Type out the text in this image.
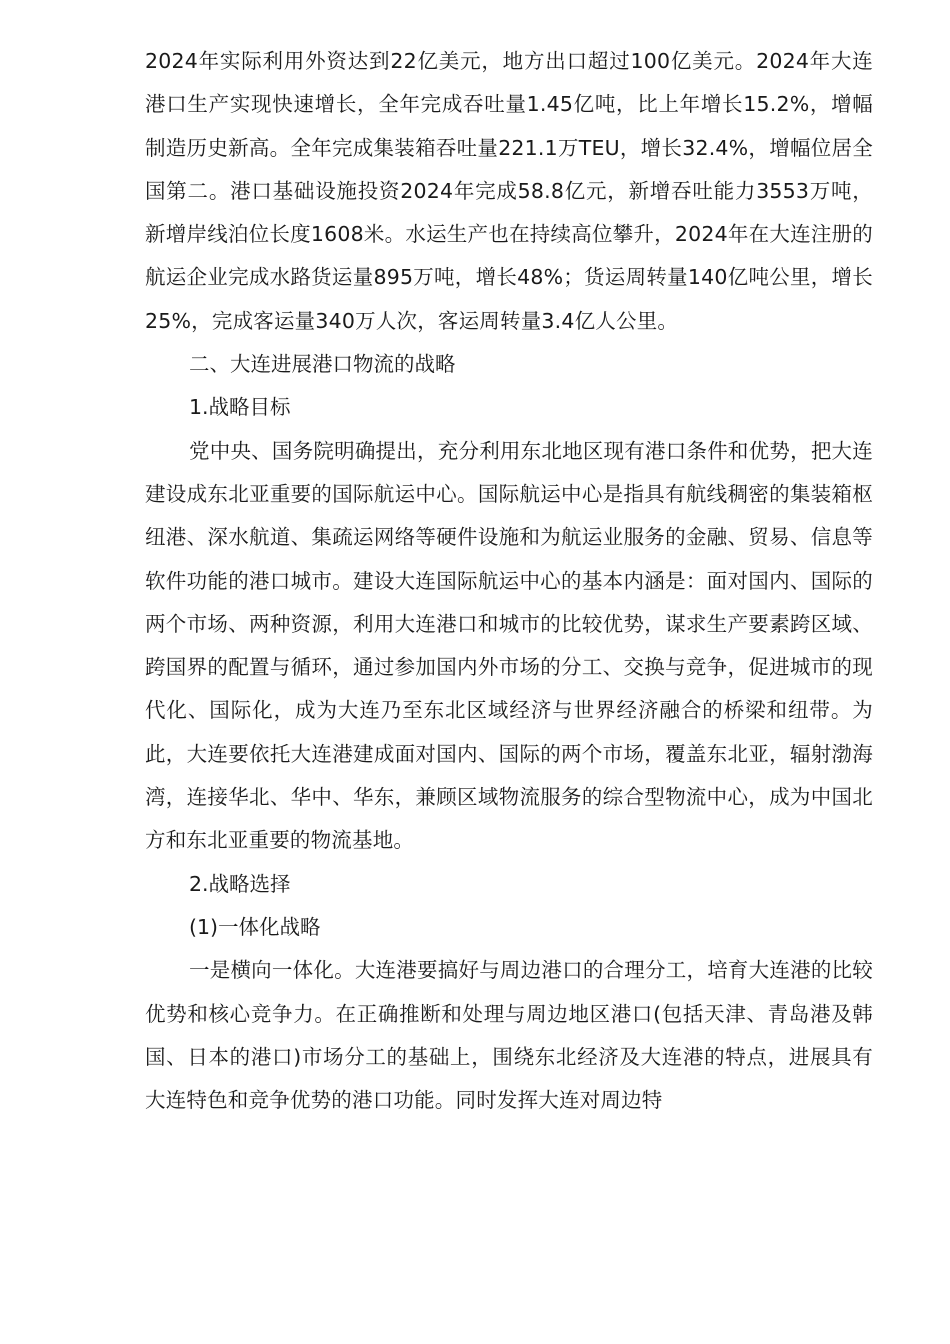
2024年实际利用外资达到22亿美元，地方出口超过100亿美元。2024年大连港口生产实现快速增长，全年完成吞吐量1.45亿吨，比上年增长15.2%，增幅制造历史新高。全年完成集装箱吞吐量221.1万TEU，增长32.4%，增幅位居全国第二。港口基础设施投资2024年完成58.8亿元，新增吞吐能力3553万吨，新增岸线泊位长度1608米。水运生产也在持续高位攀升，2024年在大连注册的航运企业完成水路货运量895万吨，增长48%；货运周转量140亿吨公里，增长25%，完成客运量340万人次，客运周转量3.4亿人公里。

二、大连进展港口物流的战略

1.战略目标

党中央、国务院明确提出，充分利用东北地区现有港口条件和优势，把大连建设成东北亚重要的国际航运中心。国际航运中心是指具有航线稠密的集装箱枢纽港、深水航道、集疏运网络等硬件设施和为航运业服务的金融、贸易、信息等软件功能的港口城市。建设大连国际航运中心的基本内涵是：面对国内、国际的两个市场、两种资源，利用大连港口和城市的比较优势，谋求生产要素跨区域、跨国界的配置与循环，通过参加国内外市场的分工、交换与竞争，促进城市的现代化、国际化，成为大连乃至东北区域经济与世界经济融合的桥梁和纽带。为此，大连要依托大连港建成面对国内、国际的两个市场，覆盖东北亚，辐射渤海湾，连接华北、华中、华东，兼顾区域物流服务的综合型物流中心，成为中国北方和东北亚重要的物流基地。

2.战略选择

(1)一体化战略

一是横向一体化。大连港要搞好与周边港口的合理分工，培育大连港的比较优势和核心竞争力。在正确推断和处理与周边地区港口(包括天津、青岛港及韩国、日本的港口)市场分工的基础上，围绕东北经济及大连港的特点，进展具有大连特色和竞争优势的港口功能。同时发挥大连对周边特
